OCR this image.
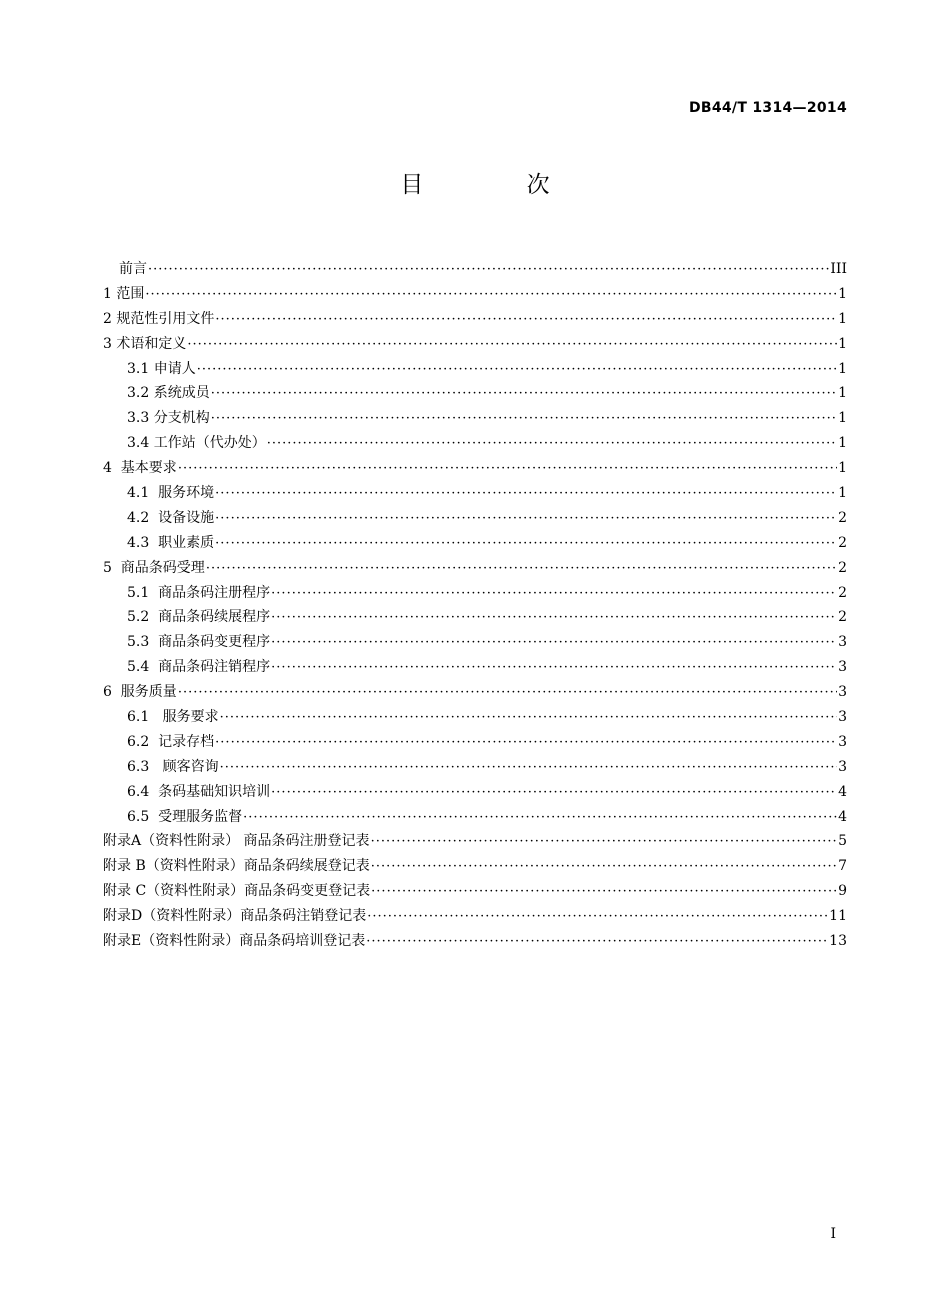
DB44/T 1314—2014
目 次
前言 ·····	III
1 范围 ·····	1
2 规范性引用文件 ·····	1
3 术语和定义 ·····	1
3.1 申请人 ·····	1
3.2 系统成员 ·····	1
3.3 分支机构 ·····	1
3.4 工作站（代办处） ·····	1
4  基本要求 ·····	1
4.1  服务环境 ·····	1
4.2  设备设施 ·····	2
4.3  职业素质 ·····	2
5  商品条码受理 ·····	2
5.1  商品条码注册程序 ·····	2
5.2  商品条码续展程序 ·····	2
5.3  商品条码变更程序 ·····	3
5.4  商品条码注销程序 ·····	3
6  服务质量 ·····	3
6.1   服务要求 ·····	3
6.2  记录存档 ·····	3
6.3   顾客咨询 ·····	3
6.4  条码基础知识培训 ·····	4
6.5  受理服务监督 ·····	4
附录A（资料性附录） 商品条码注册登记表 ·····	5
附录 B（资料性附录）商品条码续展登记表 ·····	7
附录 C（资料性附录）商品条码变更登记表 ·····	9
附录D（资料性附录）商品条码注销登记表 ·····	11
附录E（资料性附录）商品条码培训登记表 ·····	13
I
